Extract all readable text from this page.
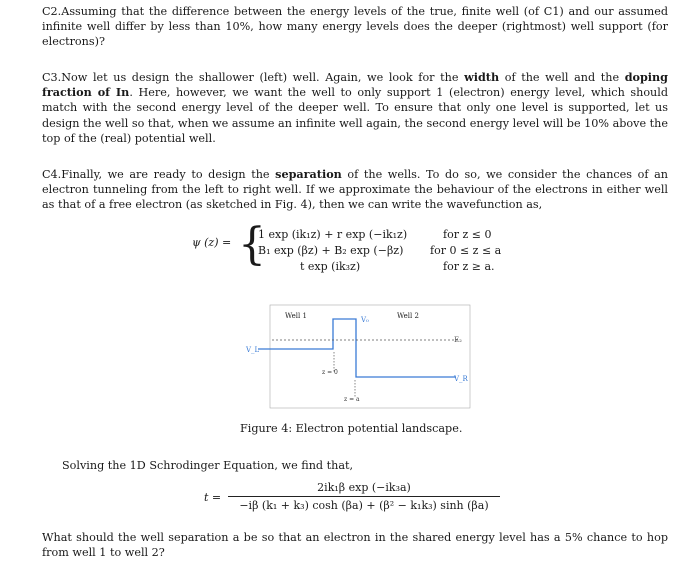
C2.Assuming that the difference between the energy levels of the true, finite well (of C1) and our assumed infinite well differ by less than 10%, how many energy levels does the deeper (rightmost) well support (for electrons)?

C3.Now let us design the shallower (left) well. Again, we look for the width of the well and the doping fraction of In. Here, however, we want the well to only support 1 (electron) energy level, which should match with the second energy level of the deeper well. To ensure that only one level is supported, let us design the well so that, when we assume an infinite well again, the second energy level will be 10% above the top of the (real) potential well.

C4.Finally, we are ready to design the separation of the wells. To do so, we consider the chances of an electron tunneling from the left to right well. If we approximate the behaviour of the electrons in either well as that of a free electron (as sketched in Fig. 4), then we can write the wavefunction as,

ψ (z) = {
1 exp (ik₁z) + r exp (−ik₁z)	for z ≤ 0
B₁ exp (βz) + B₂ exp (−βz) for 0 ≤ z ≤ a
t exp (ik₃z)	for z ≥ a.
Well 1	Well 2
V₀
V_L
V_R
E₂
z = 0
z = a
Figure 4: Electron potential landscape.

Solving the 1D Schrodinger Equation, we find that,

t =
2ik₁β exp (−ik₃a)
−iβ (k₁ + k₃) cosh (βa) + (β² − k₁k₃) sinh (βa)

What should the well separation a be so that an electron in the shared energy level has a 5% chance to hop from well 1 to well 2?
